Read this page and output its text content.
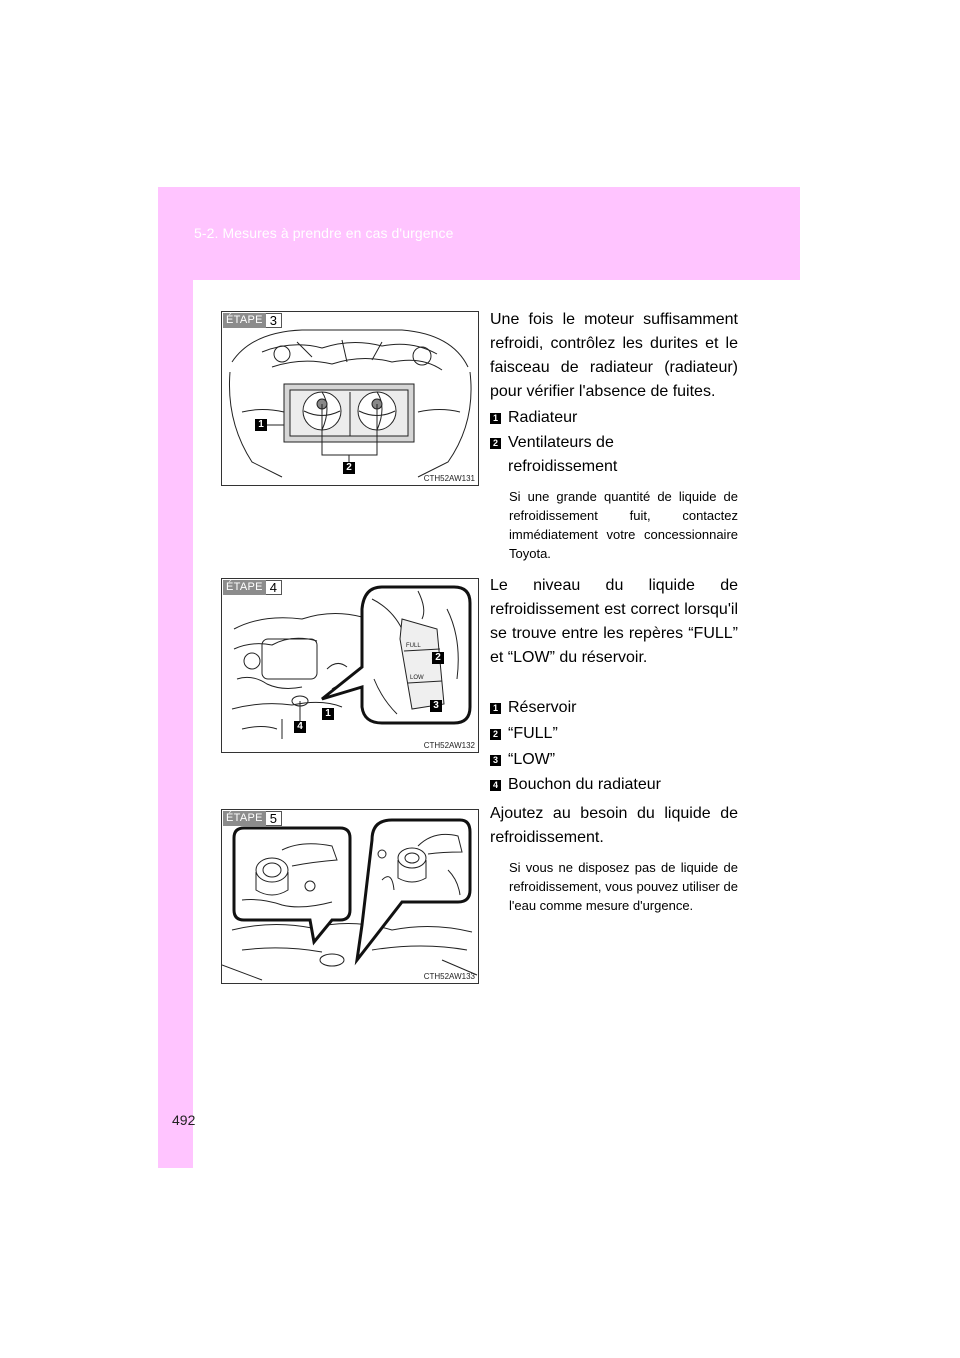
5-2. Mesures à prendre en cas d'urgence
492
1
2
ÉTAPE 3
CTH52AW131

Une fois le moteur suffisamment refroidi, contrôlez les durites et le faisceau de radiateur (radiateur) pour vérifier l'absence de fuites.

1 Radiateur
2 Ventilateurs de refroidissement

Si une grande quantité de liquide de refroidissement fuit, contactez immédiatement votre concessionnaire Toyota.

FULL
LOW
1
2
3
4
ÉTAPE 4
CTH52AW132

Le niveau du liquide de refroidissement est correct lorsqu'il se trouve entre les repères “FULL” et “LOW” du réservoir.

1 Réservoir
2 “FULL”
3 “LOW”
4 Bouchon du radiateur
ÉTAPE 5
CTH52AW133

Ajoutez au besoin du liquide de refroidissement.

Si vous ne disposez pas de liquide de refroidissement, vous pouvez utiliser de l'eau comme mesure d'urgence.
